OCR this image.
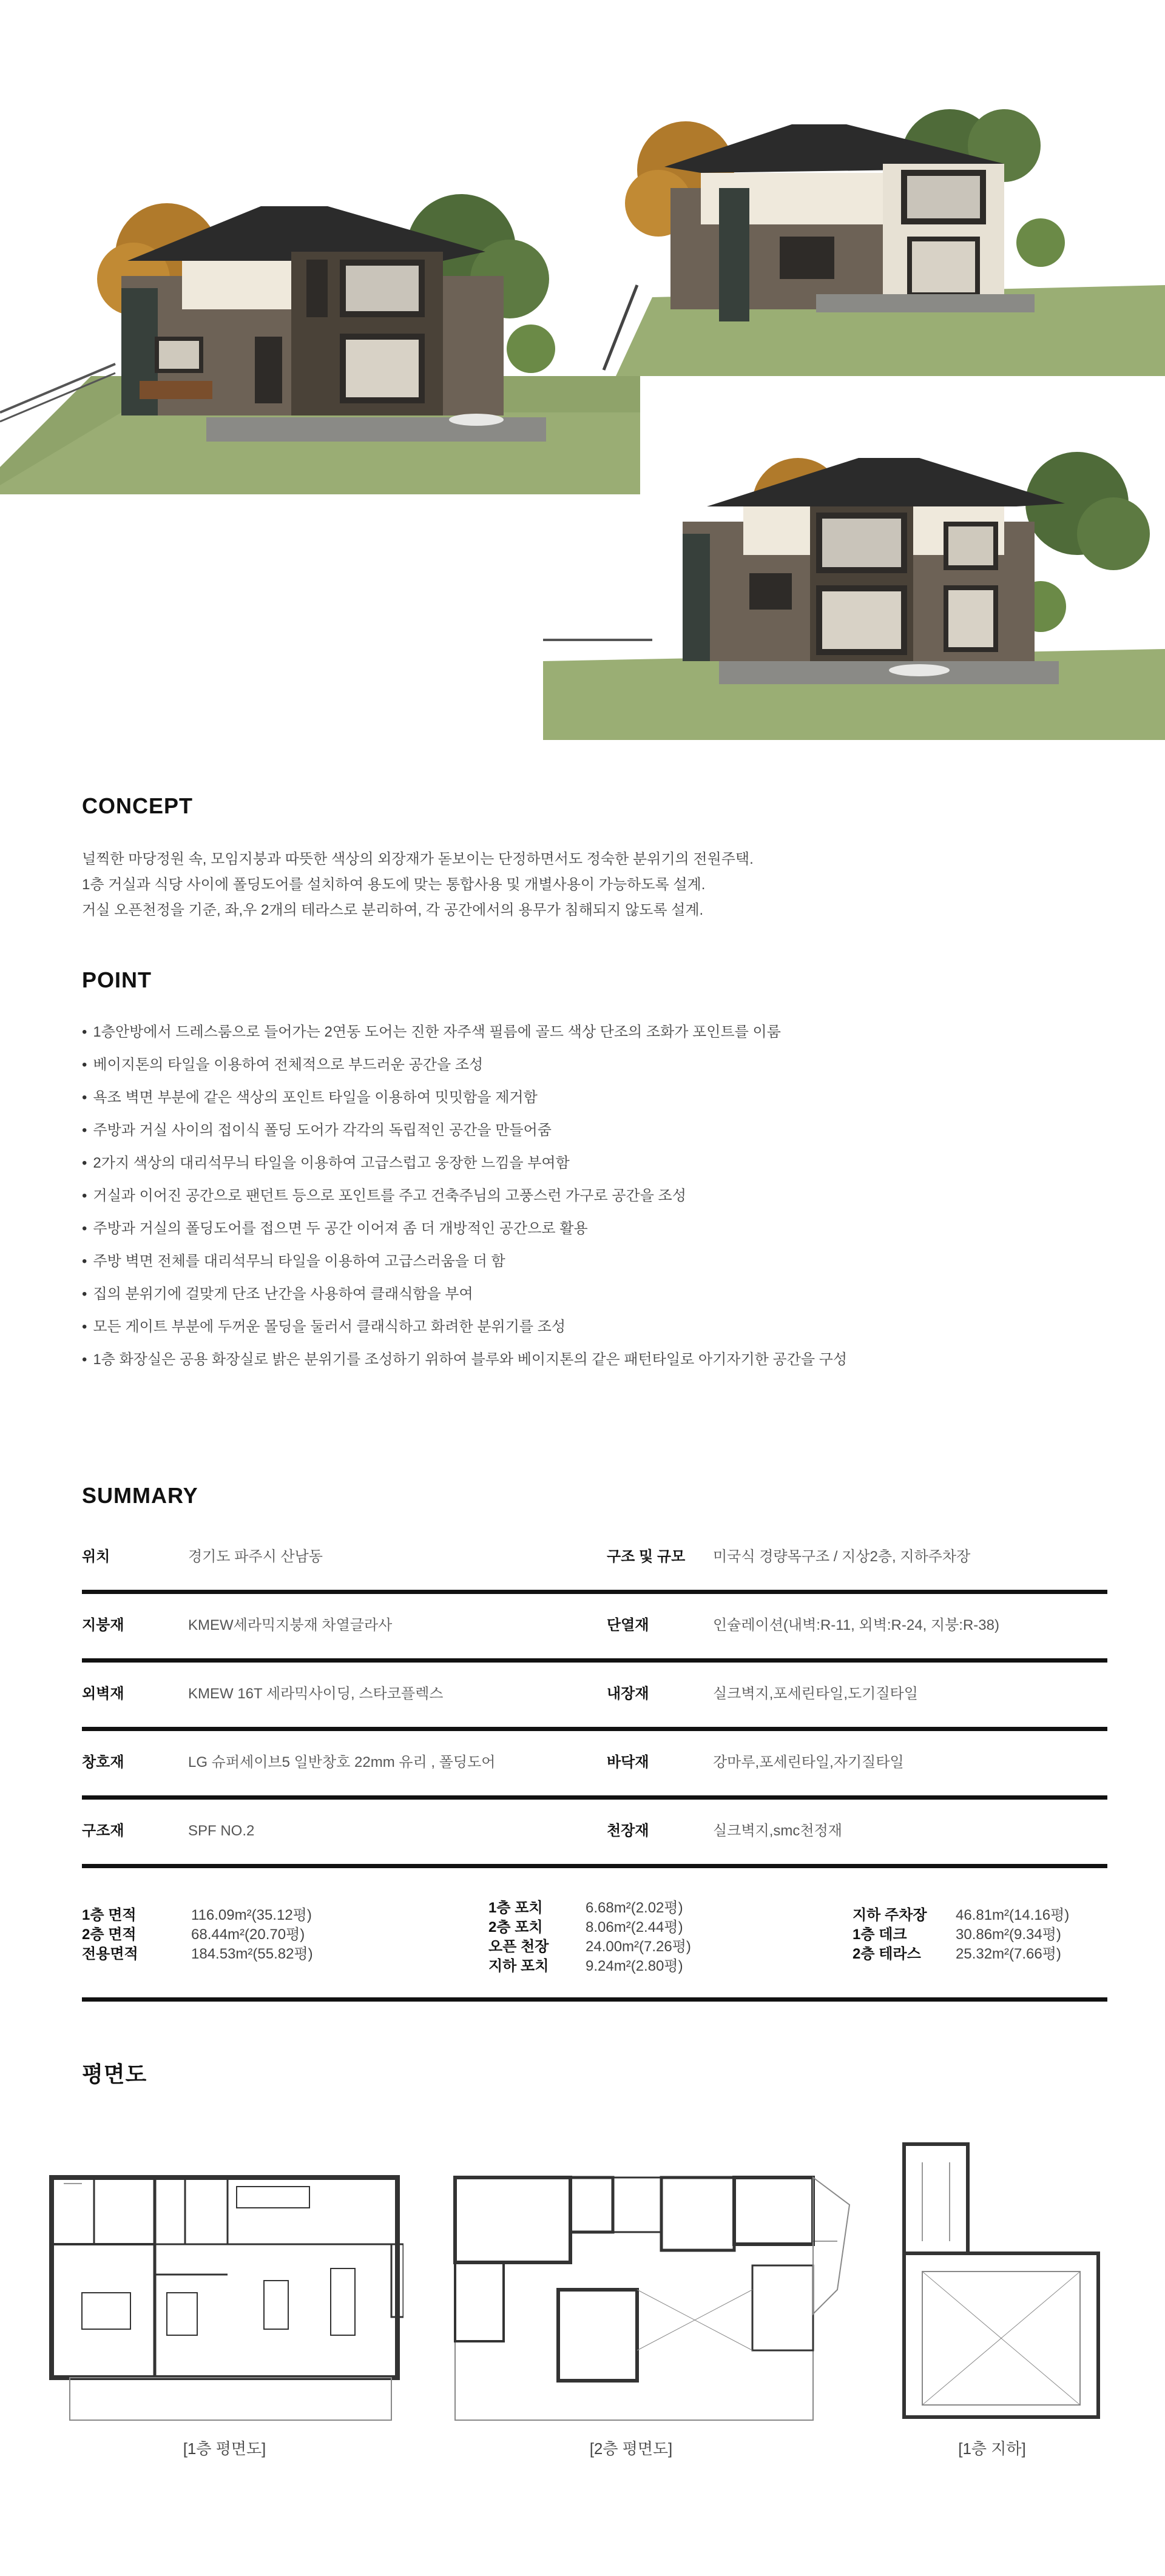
CONCEPT
널찍한 마당정원 속, 모임지붕과 따뜻한 색상의 외장재가 돋보이는 단정하면서도 정숙한 분위기의 전원주택.
1층 거실과 식당 사이에 폴딩도어를 설치하여 용도에 맞는 통합사용 및 개별사용이 가능하도록 설계.
거실 오픈천정을 기준, 좌,우 2개의 테라스로 분리하여, 각 공간에서의 용무가 침해되지 않도록 설계.
POINT
• 1층안방에서 드레스룸으로 들어가는 2연동 도어는 진한 자주색 필름에 골드 색상 단조의 조화가 포인트를 이룸
• 베이지톤의 타일을 이용하여 전체적으로 부드러운 공간을 조성
• 욕조 벽면 부분에 같은 색상의 포인트 타일을 이용하여 밋밋함을 제거함
• 주방과 거실 사이의 접이식 폴딩 도어가 각각의 독립적인 공간을 만들어줌
• 2가지 색상의 대리석무늬 타일을 이용하여 고급스럽고 웅장한 느낌을 부여함
• 거실과 이어진 공간으로 팬던트 등으로 포인트를 주고 건축주님의 고풍스런 가구로 공간을 조성
• 주방과 거실의 폴딩도어를 접으면 두 공간 이어져 좀 더 개방적인 공간으로 활용
• 주방 벽면 전체를 대리석무늬 타일을 이용하여 고급스러움을 더 함
• 집의 분위기에 걸맞게 단조 난간을 사용하여 클래식함을 부여
• 모든 게이트 부분에 두꺼운 몰딩을 둘러서 클래식하고 화려한 분위기를 조성
• 1층 화장실은 공용 화장실로 밝은 분위기를 조성하기 위하여 블루와 베이지톤의 같은 패턴타일로 아기자기한 공간을 구성
SUMMARY
위치	경기도 파주시 산남동	구조 및 규모 미국식 경량목구조 / 지상2층, 지하주차장
지붕재	KMEW세라믹지붕재 차열글라사	단열재	인슐레이션(내벽:R-11, 외벽:R-24, 지붕:R-38)
외벽재	KMEW 16T 세라믹사이딩, 스타코플렉스	내장재	실크벽지,포세린타일,도기질타일
창호재	LG 슈퍼세이브5 일반창호 22mm 유리 , 폴딩도어	바닥재	강마루,포세린타일,자기질타일
구조재	SPF NO.2	천장재	실크벽지,smc천정재
1층 면적	116.09m²(35.12평)
2층 면적	68.44m²(20.70평)
전용면적	184.53m²(55.82평)
1층 포치	6.68m²(2.02평)
2층 포치	8.06m²(2.44평)
오픈 천장	24.00m²(7.26평)
지하 포치	9.24m²(2.80평)
지하 주차장 46.81m²(14.16평)
1층 데크	30.86m²(9.34평)
2층 테라스 25.32m²(7.66평)
평면도
[1층 평면도]	[2층 평면도]	[1층 지하]
